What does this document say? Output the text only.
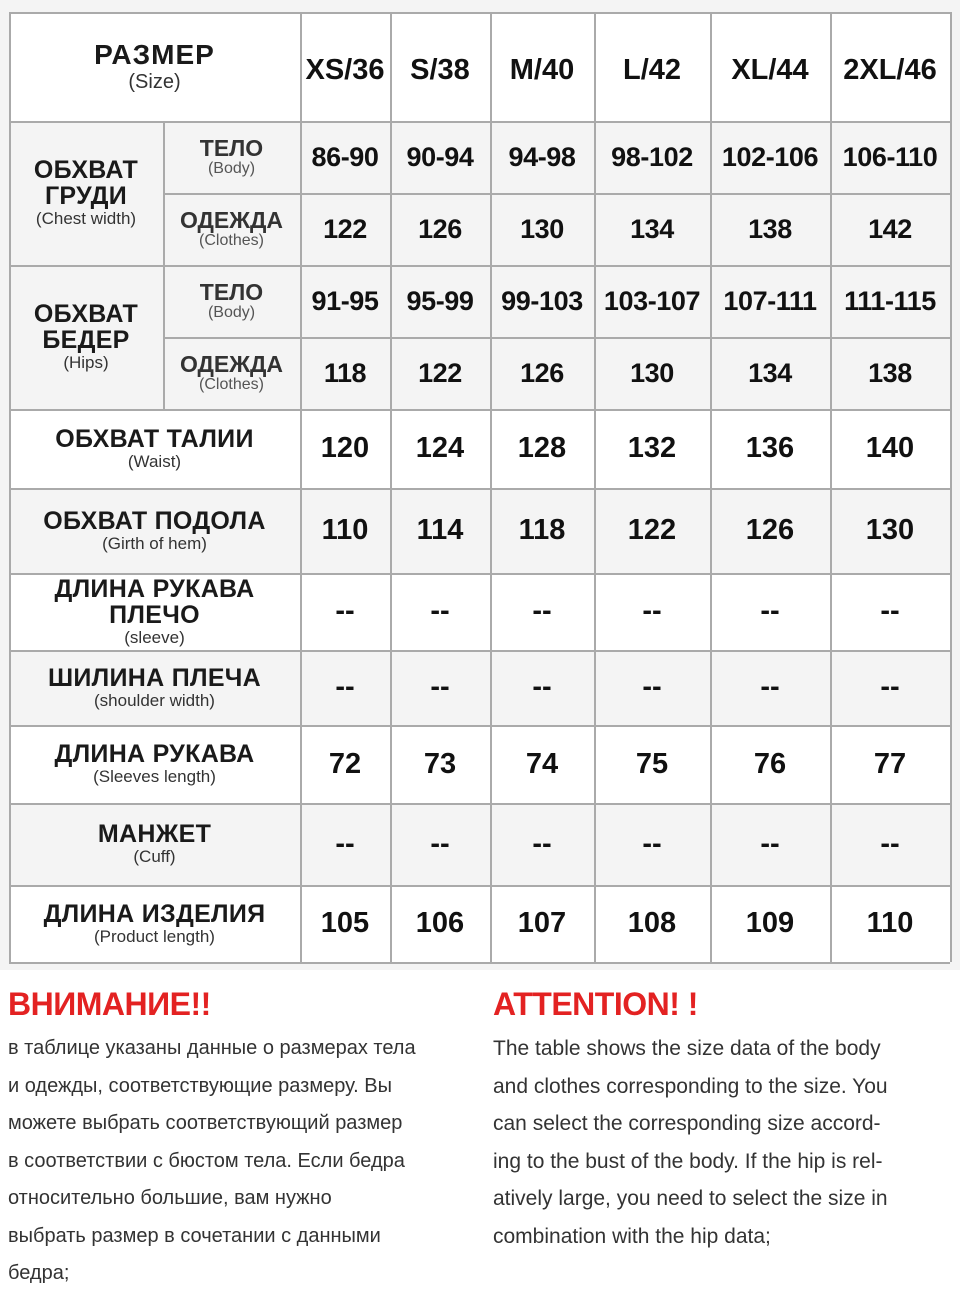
РАЗМЕР
(Size)	XS/36 S/38 M/40 L/42 XL/44 2XL/46
ОБХВАТ ГРУДИ
(Chest width)
ТЕЛО
(Body) 86-90 90-94 94-98 98-102 102-106 106-110
ОДЕЖДА
(Clothes) 122 126 130 134	138	142
ОБХВАТ БЕДЕР
(Hips)
ТЕЛО
(Body) 91-95 95-99 99-103 103-107 107-111 111-115
ОДЕЖДА
(Clothes) 118 122 126 130	134	138
ОБХВАТ ТАЛИИ
(Waist)	120 124 128 132 136 140
ОБХВАТ ПОДОЛА
(Girth of hem)	110 114 118 122 126 130
ДЛИНА РУКАВА ПЛЕЧО
(sleeve)
--	--	--	--	--	--
ШИЛИНА ПЛЕЧА
(shoulder width)	--	--	--	--	--	--
ДЛИНА РУКАВА
(Sleeves length)	72 73 74	75	76	77
МАНЖЕТ
(Cuff)	--	--	--	--	--	--
ДЛИНА ИЗДЕЛИЯ
(Product length)	105 106 107 108 109 110
ВНИМАНИЕ!!
в таблице указаны данные о размерах тела
и одежды, соответствующие размеру. Вы
можете выбрать соответствующий размер
в соответствии с бюстом тела. Если бедра
относительно большие, вам нужно
выбрать размер в сочетании с данными
бедра;
ATTENTION! !
The table shows the size data of the body
and clothes corresponding to the size. You
can select the corresponding size accord-
ing to the bust of the body. If the hip is rel-
atively large, you need to select the size in
combination with the hip data;
